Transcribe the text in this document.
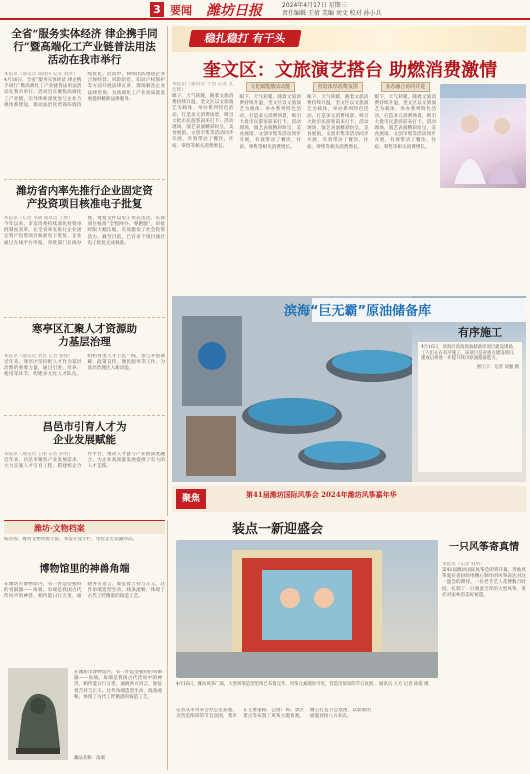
3 要闻 潍坊日报	2024年4月17日 星期三
责任编辑 王倩 美编 刘文 校对 孙小兵
全省“服务实体经济 律企携手同行”暨高端化工产业链普法用法活动在我市举行
本报讯（通讯员 郑晓伟 记者 刘冰）
4月16日，全省“服务实体经济 律企携手同行”暨高端化工产业链普法用法活动在我市举行。活动旨在聚焦高端化工产业链，引导律师深度参与企业合规体系建设，推动法治化营商环境持续优化。活动中，律师团队围绕企业合规经营、风险防范、知识产权保护等方面开展法律宣讲，现场解答企业法律咨询，为高端化工产业高质量发展提供精准法律服务。
潍坊省内率先推行企业固定资产投资项目核准电子批复
本报讯（记者 李晓 通讯员 王林）
今年以来，市发改委持续深化投资审批制度改革，在全省率先推行企业固定资产投资项目核准电子批复。企业通过在线平台申报，审批部门在线办理，批复文件以电子形式送达，实现项目核准“全程网办、零跑腿”，审批时限大幅压缩，有效激发了社会投资活力。截至目前，已有多个项目通过电子批复完成核准。
寒亭区汇聚人才资源助力基层治理
本报讯（通讯员 刘伟 记者 张强）
近年来，寒亭区坚持把人才作为基层治理的重要力量，通过引进、培养、使用等环节，构建多元化人才队伍。组织各类人才下沉一线，参与矛盾调解、政策宣传、便民服务等工作，为基层治理注入新动能。
昌邑市引育人才为企业发展赋能
本报讯（通讯员 王丽 记者 孙明）
近年来，昌邑市聚焦产业发展需求，大力实施人才引育工程，搭建校企合作平台，推动人才链与产业链深度融合，为企业高质量发展提供了有力的人才支撑。
稳扎稳打 有干头
奎文区：文旅演艺搭台 助燃消费激情
本报讯（通讯员 于凯 记者 孔宏辉）
眼下，天气转暖，随着文旅消费持续升温，奎文区以文旅演艺为载体，举办系列特色活动，打造多元消费场景，吸引大批市民游客前来打卡。活动现场，演艺表演精彩纷呈，美食展销、文创市集等活动同步开展，有效带动了餐饮、住宿、零售等相关消费增长。
文化赋能激活动能
眼下，天气转暖，随着文旅消费持续升温，奎文区以文旅演艺为载体，举办系列特色活动，打造多元消费场景，吸引大批市民游客前来打卡。活动现场，演艺表演精彩纷呈，美食展销、文创市集等活动同步开展，有效带动了餐饮、住宿、零售等相关消费增长。
营造浓厚消费氛围
眼下，天气转暖，随着文旅消费持续升温，奎文区以文旅演艺为载体，举办系列特色活动，打造多元消费场景，吸引大批市民游客前来打卡。活动现场，演艺表演精彩纷呈，美食展销、文创市集等活动同步开展，有效带动了餐饮、住宿、零售等相关消费增长。
业态融合协同并进
眼下，天气转暖，随着文旅消费持续升温，奎文区以文旅演艺为载体，举办系列特色活动，打造多元消费场景，吸引大批市民游客前来打卡。活动现场，演艺表演精彩纷呈，美食展销、文创市集等活动同步开展，有效带动了餐饮、住宿、零售等相关消费增长。
滨海“巨无霸”原油储备库
有序施工
4月16日，滨海区滨海原油储备库项目建设现场，工人们正在有序施工。该项目是省重点建设项目，建成后将进一步提升我市原油储备能力。
图①②：记者 刘强 摄
潍坊·文物档案
编者按：潍坊文物资源丰富，本报开设专栏，带您走近馆藏珍品。
博物馆里的神兽角端
在潍坊市博物馆内，有一件造型独特的青铜器——角端。角端是我国古代传说中的神兽，相传能日行万里，通晓各方语言，象征着吉祥与正义。这件角端造型生动，线条流畅，体现了古代工匠精湛的铸造工艺。
在潍坊市博物馆内，有一件造型独特的青铜器——角端。角端是我国古代传说中的神兽，相传能日行万里，通晓各方语言，象征着吉祥与正义。这件角端造型生动，线条流畅，体现了古代工匠精湛的铸造工艺。
藏品名称：角端
聚焦	第41届潍坊国际风筝会 2024年潍坊风筝嘉年华
装点一新迎盛会
4月16日，潍坊风筝广场，大型风筝造型装饰已布置完毕，风筝元素随处可见，营造出浓厚的节日氛围。 通讯员 王方 记者 孙霞 摄
一只风筝寄真情
本报讯（记者 韩明）
第41届潍坊国际风筝会即将开幕，各地风筝爱好者纷纷用精心制作的风筝表达对这一盛会的期待。一位老手艺人花费数月时间，扎制了一只寓意吉祥的大型风筝，寄托对家乡的美好祝愿。
记者从市风筝会办公室获悉，为营造浓厚的节会氛围，我市在主要道路、公园广场、景区景点等布置了风筝主题景观，精心打造节会氛围，以崭新的面貌迎接八方来宾。
